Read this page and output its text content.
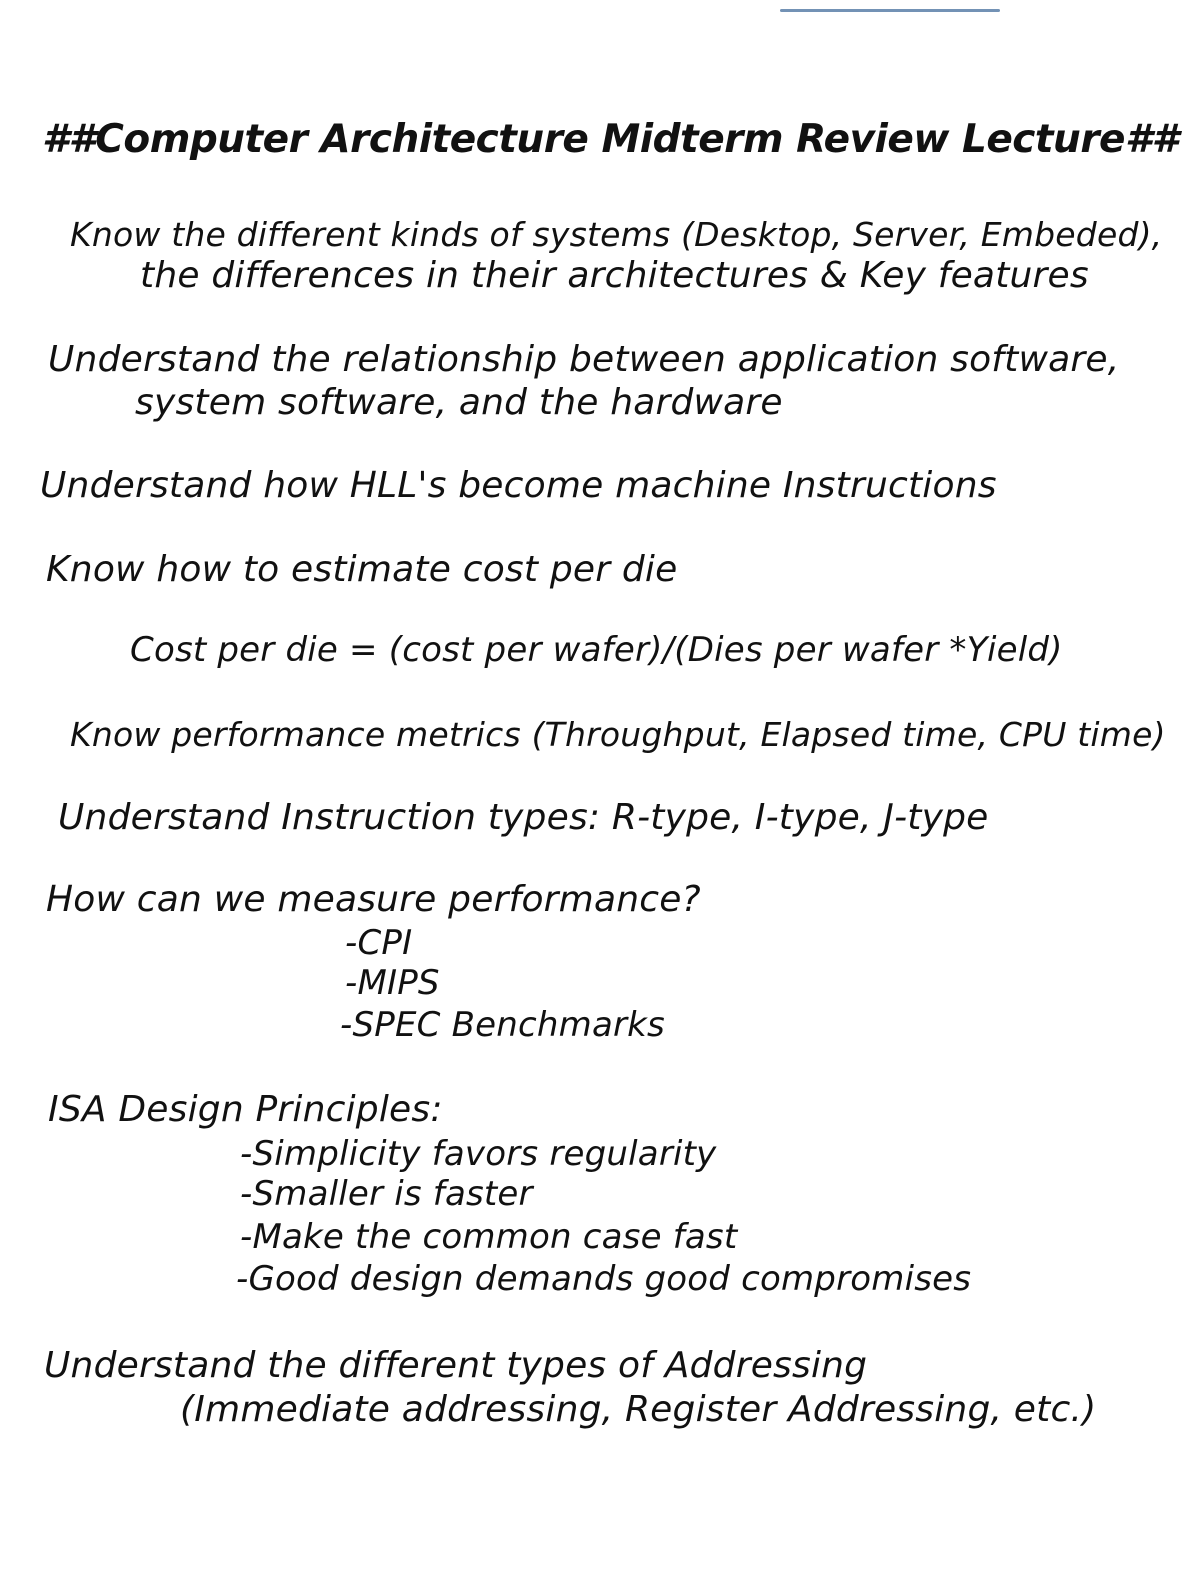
##Computer Architecture Midterm Review Lecture##
Know the different kinds of systems (Desktop, Server, Embeded),
the differences in their architectures & Key features
Understand the relationship between application software,
system software, and the hardware
Understand how HLL's become machine Instructions
Know how to estimate cost per die
Cost per die = (cost per wafer)/(Dies per wafer *Yield)
Know performance metrics (Throughput, Elapsed time, CPU time)
Understand Instruction types: R-type, I-type, J-type
How can we measure performance?
-CPI
-MIPS
-SPEC Benchmarks
ISA Design Principles:
-Simplicity favors regularity
-Smaller is faster
-Make the common case fast
-Good design demands good compromises
Understand the different types of Addressing
(Immediate addressing, Register Addressing, etc.)
